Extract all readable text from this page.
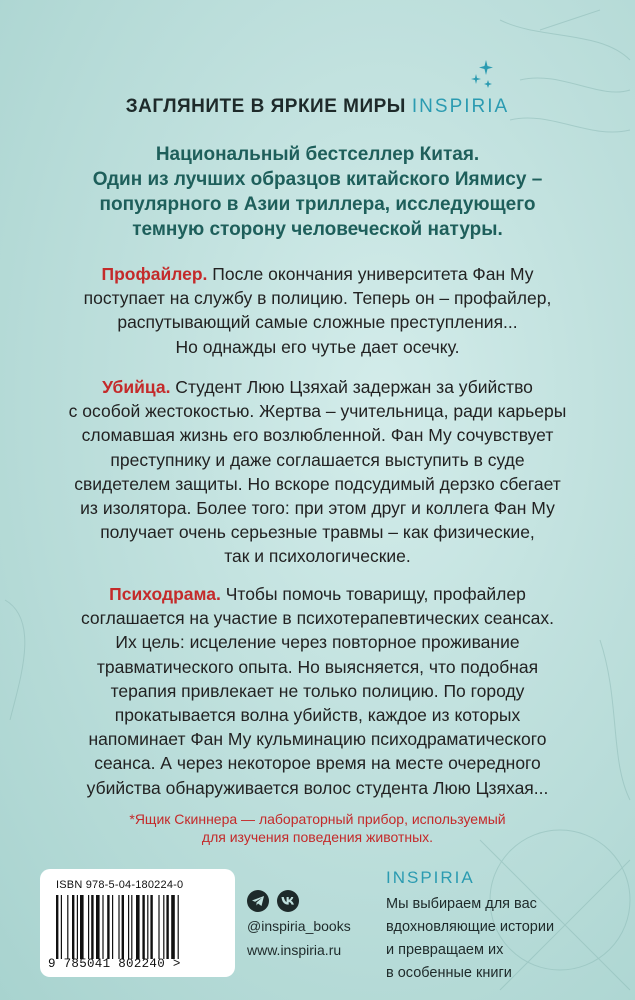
ЗАГЛЯНИТЕ В ЯРКИЕ МИРЫ INSPIRIA
Национальный бестселлер Китая.
Один из лучших образцов китайского Иямису –
популярного в Азии триллера, исследующего
темную сторону человеческой натуры.
Профайлер. После окончания университета Фан Му
поступает на службу в полицию. Теперь он – профайлер,
распутывающий самые сложные преступления...
Но однажды его чутье дает осечку.
Убийца. Студент Люю Цзяхай задержан за убийство
с особой жестокостью. Жертва – учительница, ради карьеры
сломавшая жизнь его возлюбленной. Фан Му сочувствует
преступнику и даже соглашается выступить в суде
свидетелем защиты. Но вскоре подсудимый дерзко сбегает
из изолятора. Более того: при этом друг и коллега Фан Му
получает очень серьезные травмы – как физические,
так и психологические.
Психодрама. Чтобы помочь товарищу, профайлер
соглашается на участие в психотерапевтических сеансах.
Их цель: исцеление через повторное проживание
травматического опыта. Но выясняется, что подобная
терапия привлекает не только полицию. По городу
прокатывается волна убийств, каждое из которых
напоминает Фан Му кульминацию психодраматического
сеанса. А через некоторое время на месте очередного
убийства обнаруживается волос студента Люю Цзяхая...
*Ящик Скиннера — лабораторный прибор, используемый
для изучения поведения животных.
ISBN 978-5-04-180224-0
9 785041 802240 >
@inspiria_books
www.inspiria.ru
INSPIRIA
Мы выбираем для вас
вдохновляющие истории
и превращаем их
в особенные книги
